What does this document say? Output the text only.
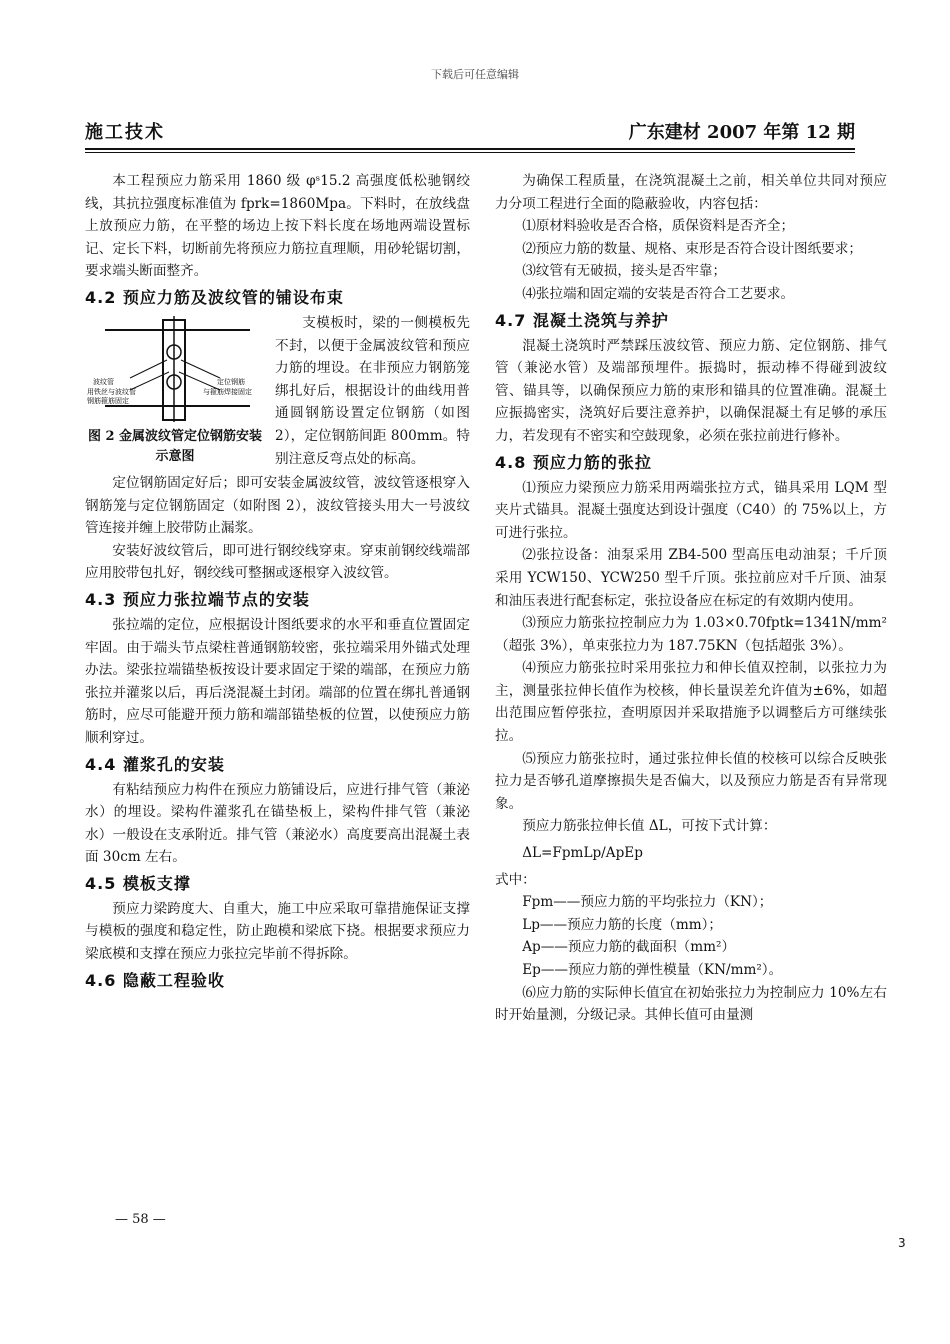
下载后可任意编辑
施工技术	广东建材 2007 年第 12 期

本工程预应力筋采用 1860 级 φˢ15.2 高强度低松驰钢绞线，其抗拉强度标准值为 fprk=1860Mpa。下料时，在放线盘上放预应力筋，在平整的场边上按下料长度在场地两端设置标记、定长下料，切断前先将预应力筋拉直理顺，用砂轮锯切割，要求端头断面整齐。

4.2 预应力筋及波纹管的铺设布束
波纹管
用铁丝与波纹管
钢筋箍筋固定
定位钢筋
与箍筋焊接固定
图 2 金属波纹管定位钢筋安装示意图

支模板时，梁的一侧模板先不封，以便于金属波纹管和预应力筋的埋设。在非预应力钢筋笼绑扎好后，根据设计的曲线用普通圆钢筋设置定位钢筋（如图 2），定位钢筋间距 800mm。特别注意反弯点处的标高。

定位钢筋固定好后；即可安装金属波纹管，波纹管逐根穿入钢筋笼与定位钢筋固定（如附图 2），波纹管接头用大一号波纹管连接并缠上胶带防止漏浆。

安装好波纹管后，即可进行钢绞线穿束。穿束前钢绞线端部应用胶带包扎好，钢绞线可整捆或逐根穿入波纹管。

4.3 预应力张拉端节点的安装

张拉端的定位，应根据设计图纸要求的水平和垂直位置固定牢固。由于端头节点梁柱普通钢筋较密，张拉端采用外锚式处理办法。梁张拉端锚垫板按设计要求固定于梁的端部，在预应力筋张拉并灌浆以后，再后浇混凝土封闭。端部的位置在绑扎普通钢筋时，应尽可能避开预力筋和端部锚垫板的位置，以使预应力筋顺利穿过。

4.4 灌浆孔的安装

有粘结预应力构件在预应力筋铺设后，应进行排气管（兼泌水）的埋设。梁构件灌浆孔在锚垫板上，梁构件排气管（兼泌水）一般设在支承附近。排气管（兼泌水）高度要高出混凝土表面 30cm 左右。

4.5 模板支撑

预应力梁跨度大、自重大，施工中应采取可靠措施保证支撑与模板的强度和稳定性，防止跑模和梁底下挠。根据要求预应力梁底模和支撑在预应力张拉完毕前不得拆除。

4.6 隐蔽工程验收

为确保工程质量，在浇筑混凝土之前，相关单位共同对预应力分项工程进行全面的隐蔽验收，内容包括：

⑴原材料验收是否合格，质保资料是否齐全；

⑵预应力筋的数量、规格、束形是否符合设计图纸要求；

⑶纹管有无破损，接头是否牢靠；

⑷张拉端和固定端的安装是否符合工艺要求。

4.7 混凝土浇筑与养护

混凝土浇筑时严禁踩压波纹管、预应力筋、定位钢筋、排气管（兼泌水管）及端部预埋件。振捣时，振动棒不得碰到波纹管、锚具等，以确保预应力筋的束形和锚具的位置准确。混凝土应振捣密实，浇筑好后要注意养护，以确保混凝土有足够的承压力，若发现有不密实和空鼓现象，必须在张拉前进行修补。

4.8 预应力筋的张拉

⑴预应力梁预应力筋采用两端张拉方式，锚具采用 LQM 型夹片式锚具。混凝土强度达到设计强度（C40）的 75%以上，方可进行张拉。

⑵张拉设备：油泵采用 ZB4-500 型高压电动油泵；千斤顶采用 YCW150、YCW250 型千斤顶。张拉前应对千斤顶、油泵和油压表进行配套标定，张拉设备应在标定的有效期内使用。

⑶预应力筋张拉控制应力为 1.03×0.70fptk=1341N/mm²（超张 3%），单束张拉力为 187.75KN（包括超张 3%）。

⑷预应力筋张拉时采用张拉力和伸长值双控制，以张拉力为主，测量张拉伸长值作为校核，伸长量误差允许值为±6%，如超出范围应暂停张拉，查明原因并采取措施予以调整后方可继续张拉。

⑸预应力筋张拉时，通过张拉伸长值的校核可以综合反映张拉力是否够孔道摩擦损失是否偏大，以及预应力筋是否有异常现象。

预应力筋张拉伸长值 ΔL，可按下式计算：

ΔL=FpmLp/ApEp

式中：

Fpm——预应力筋的平均张拉力（KN）；

Lp——预应力筋的长度（mm）；

Ap——预应力筋的截面积（mm²）

Ep——预应力筋的弹性模量（KN/mm²）。

⑹应力筋的实际伸长值宜在初始张拉力为控制应力 10%左右时开始量测，分级记录。其伸长值可由量测

— 58 —
3
